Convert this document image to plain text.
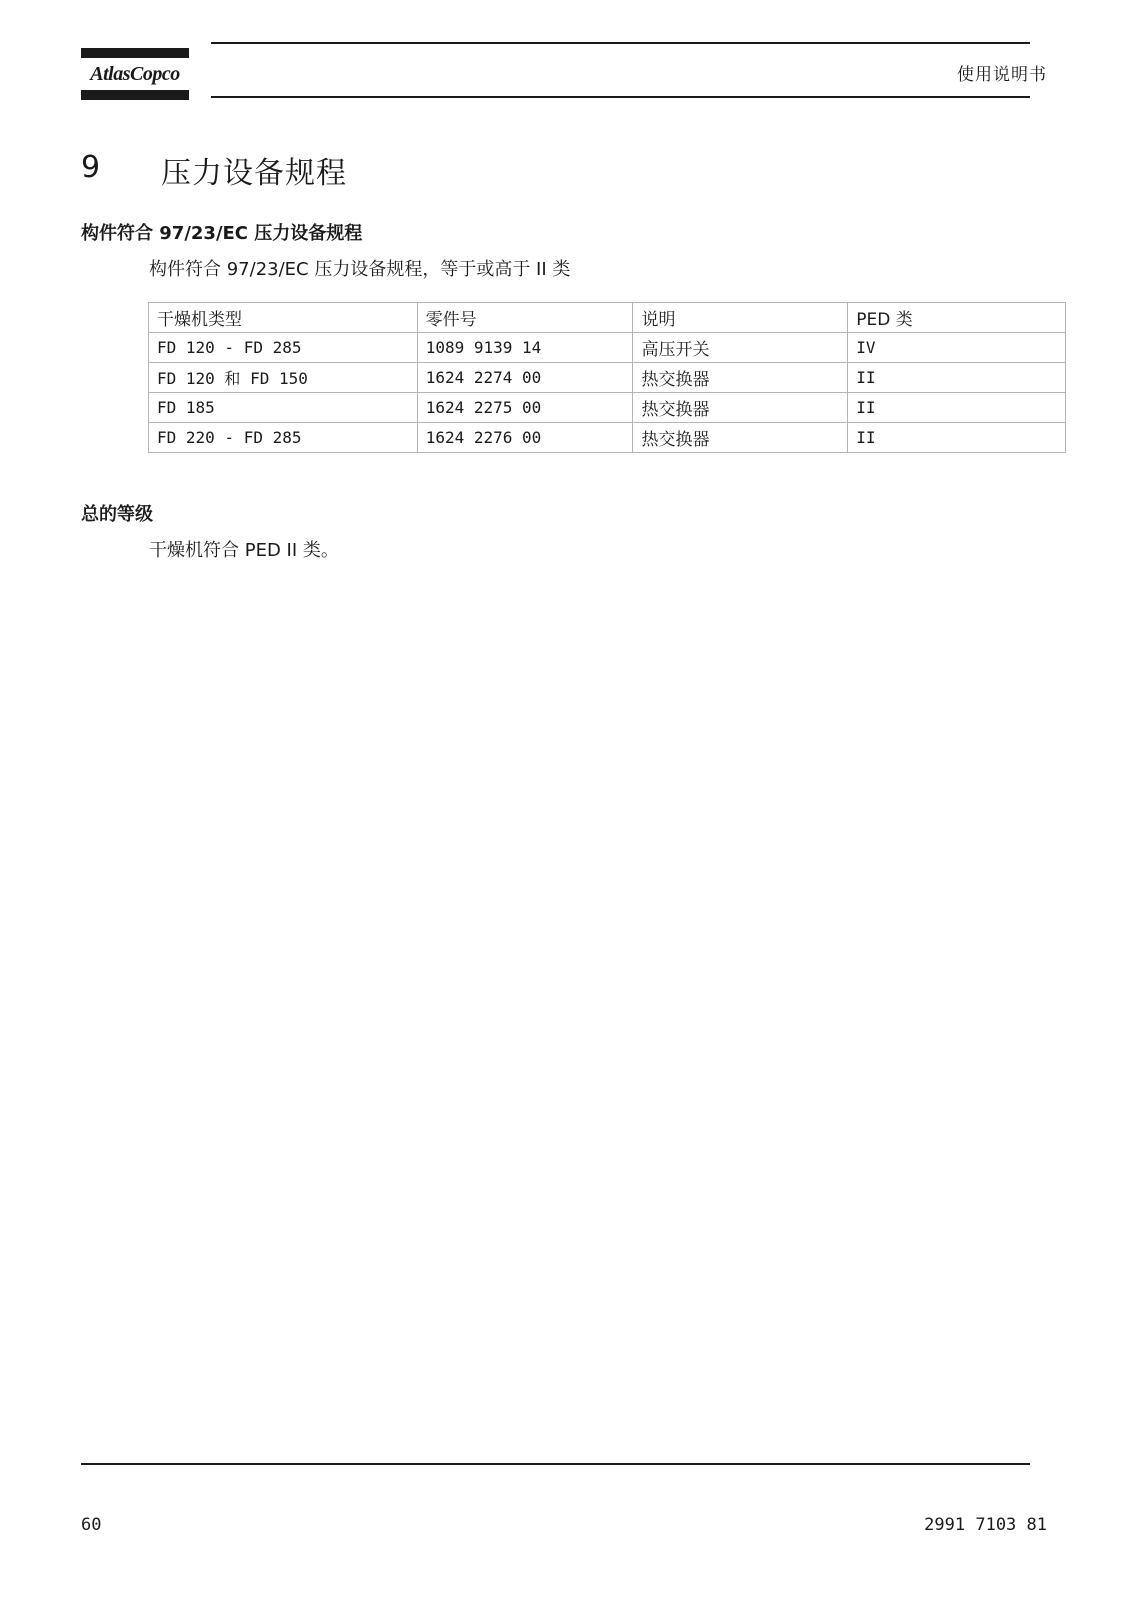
AtlasCopco	使用说明书
9 压力设备规程
构件符合 97/23/EC 压力设备规程
构件符合 97/23/EC 压力设备规程，等于或高于 II 类
干燥机类型	零件号	说明	PED 类
FD 120 - FD 285	1089 9139 14	高压开关	IV
FD 120 和 FD 150	1624 2274 00	热交换器	II
FD 185	1624 2275 00	热交换器	II
FD 220 - FD 285	1624 2276 00	热交换器	II
总的等级
干燥机符合 PED II 类。
60	2991 7103 81
